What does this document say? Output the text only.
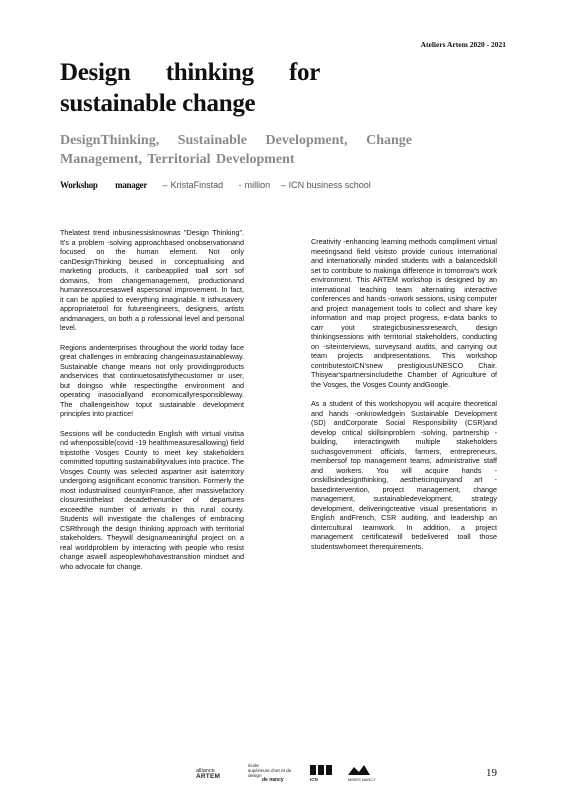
Ateliers Artem 2020 - 2021
Design thinking for
sustainable change

DesignThinking, Sustainable Development, Change Management, Territorial Development

Workshop manager – KristaFinstad - million – ICN business school

Thelatest trend inbusinessisknownas "Design Thinking". It's a problem -solving approachbased onobservationand focused on the human element. Not only canDesignThinking beused in conceptualising and marketing products, it canbeapplied toall sort sof domains, from changemanagement, productionand humanresourcesaswell aspersonal improvement. In fact, it can be applied to everything imaginable. It isthusavery appropriatetool for futureengineers, designers, artists andmanagers, on both a p rofessional level and personal level.

Regions andenterprises throughout the world today face great challenges in embracing changeinasustainableway. Sustainable change means not only providingproducts andservices that continuetosatisfythecustomer or user, but doingso while respectingthe environment and operating inasociallyand economicallyresponsibleway. The challengeishow toput sustainable development principles into practice!

Sessions will be conductedin English with virtual visitsa nd whenpossible(covid -19 healthmeasuresallowing) field tripstothe Vosges County to meet key stakeholders committed toputting sustainabilityvalues into practice. The Vosges County was selected aspartner asit isaterritory undergoing asignificant economic transition. Formerly the most industrialised countyinFrance, after massivefactory closuresinthelast decadethenumber of departures exceedthe number of arrivals in this rural county. Students will investigate the challenges of embracing CSRthrough the design thinking approach with territorial stakeholders. Theywill designameaningful project on a real worldproblem by interacting with people who resist change aswell aspeoplewhohavestransition mindset and who advocate for change.

Creativity -enhancing learning methods compliment virtual meetingsand field visitsto provide curious international and internationally minded students with a balancedskill set to contribute to makinga difference in tomorrow's work environment. This ARTEM workshop is designed by an international teaching team alternating interactive conferences and hands -onwork sessions, using computer and project management tools to collect and share key information and map project progress, e-data banks to carr yout strategicbusinessresearch, design thinkingsessions with territorial stakeholders, conducting on -siteinterviews, surveysand audits, and carrying out team projects andpresentations. This workshop contributestoICN'snew prestigiousUNESCO Chair. Thisyear'spartnersincludethe Chamber of Agriculture of the Vosges, the Vosges County andGoogle.

As a student of this workshopyou will acquire theoretical and hands -onknowledgein Sustainable Development (SD) andCorporate Social Responsibility (CSR)and develop critical skillsinproblem -solving, partnership -building, interactingwith multiple stakeholders suchasgovernment officials, farmers, entrepreneurs, membersof top management teams, administrative staff and workers. You will acquire hands -onskillsindesignthinking, aestheticinquiryand art -basedintervention, project management, change management, sustainabledevelopment, strategy development, deliveringcreative visual presentations in English andFrench, CSR auditing, and leadership an dintercultural teamwork. In addition, a project management certificatewill bedelivered toall those studentswhomeet therequirements.

alliance
ARTEM
école
supérieure d'art et de
design
de nancy	ICN	MINES NANCY
19
